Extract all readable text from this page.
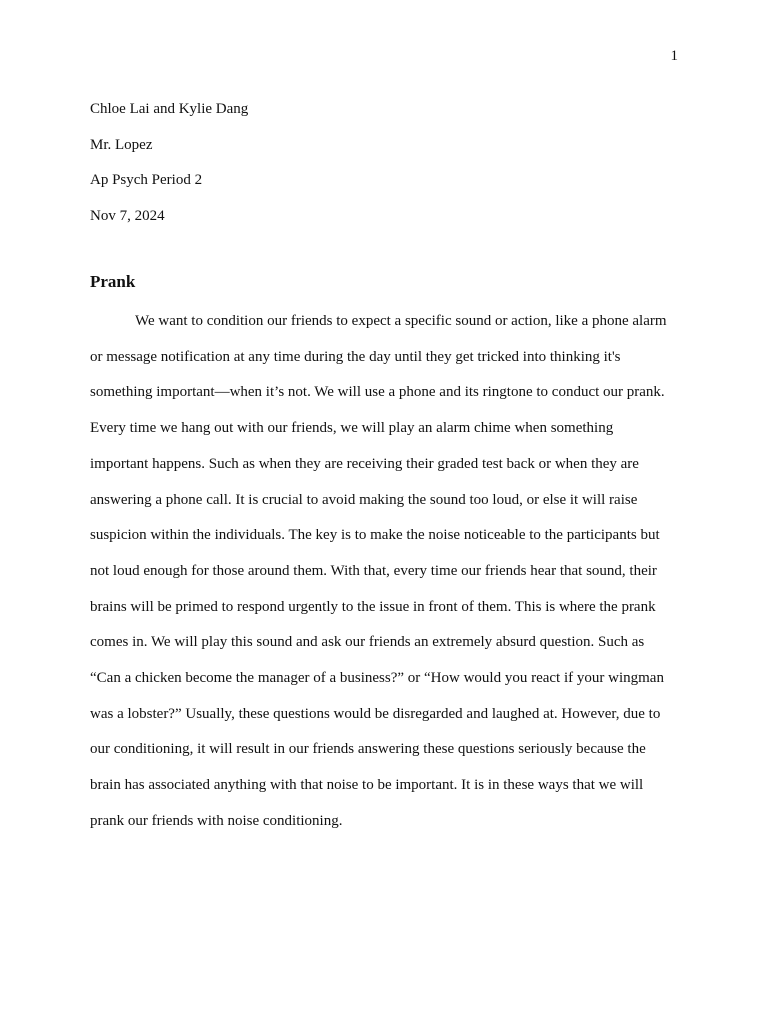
1
Chloe Lai and Kylie Dang
Mr. Lopez
Ap Psych Period 2
Nov 7, 2024
Prank
We want to condition our friends to expect a specific sound or action, like a phone alarm
or message notification at any time during the day until they get tricked into thinking it's
something important—when it’s not. We will use a phone and its ringtone to conduct our prank.
Every time we hang out with our friends, we will play an alarm chime when something
important happens. Such as when they are receiving their graded test back or when they are
answering a phone call. It is crucial to avoid making the sound too loud, or else it will raise
suspicion within the individuals. The key is to make the noise noticeable to the participants but
not loud enough for those around them. With that, every time our friends hear that sound, their
brains will be primed to respond urgently to the issue in front of them. This is where the prank
comes in. We will play this sound and ask our friends an extremely absurd question. Such as
“Can a chicken become the manager of a business?” or “How would you react if your wingman
was a lobster?” Usually, these questions would be disregarded and laughed at. However, due to
our conditioning, it will result in our friends answering these questions seriously because the
brain has associated anything with that noise to be important. It is in these ways that we will
prank our friends with noise conditioning.
